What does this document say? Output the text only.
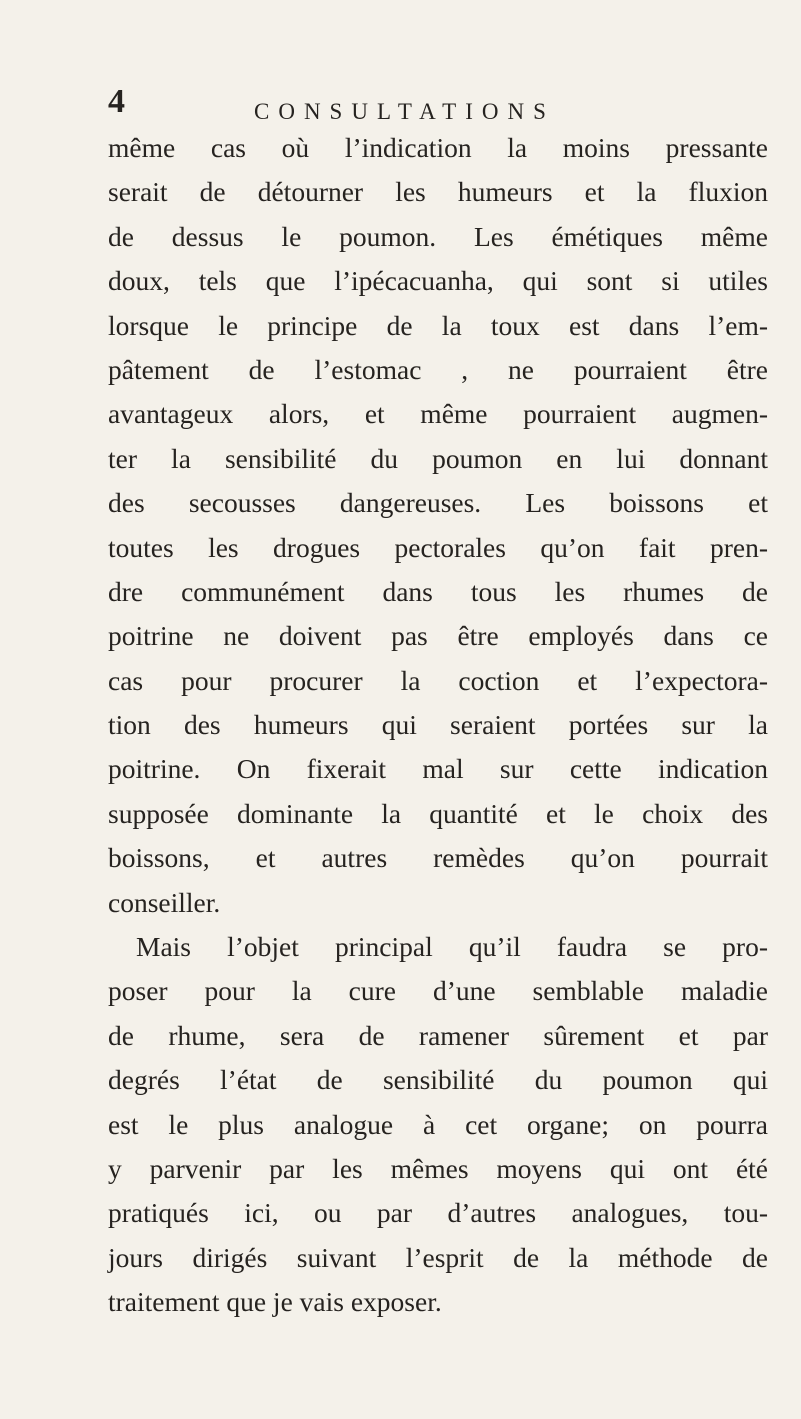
4	CONSULTATIONS
même cas où l’indication la moins pressante
serait de détourner les humeurs et la fluxion
de dessus le poumon. Les émétiques même
doux, tels que l’ipécacuanha, qui sont si utiles
lorsque le principe de la toux est dans l’em-
pâtement de l’estomac , ne pourraient être
avantageux alors, et même pourraient augmen-
ter la sensibilité du poumon en lui donnant
des secousses dangereuses. Les boissons et
toutes les drogues pectorales qu’on fait pren-
dre communément dans tous les rhumes de
poitrine ne doivent pas être employés dans ce
cas pour procurer la coction et l’expectora-
tion des humeurs qui seraient portées sur la
poitrine. On fixerait mal sur cette indication
supposée dominante la quantité et le choix des
boissons, et autres remèdes qu’on pourrait
conseiller.
Mais l’objet principal qu’il faudra se pro-
poser pour la cure d’une semblable maladie
de rhume, sera de ramener sûrement et par
degrés l’état de sensibilité du poumon qui
est le plus analogue à cet organe; on pourra
y parvenir par les mêmes moyens qui ont été
pratiqués ici, ou par d’autres analogues, tou-
jours dirigés suivant l’esprit de la méthode de
traitement que je vais exposer.
